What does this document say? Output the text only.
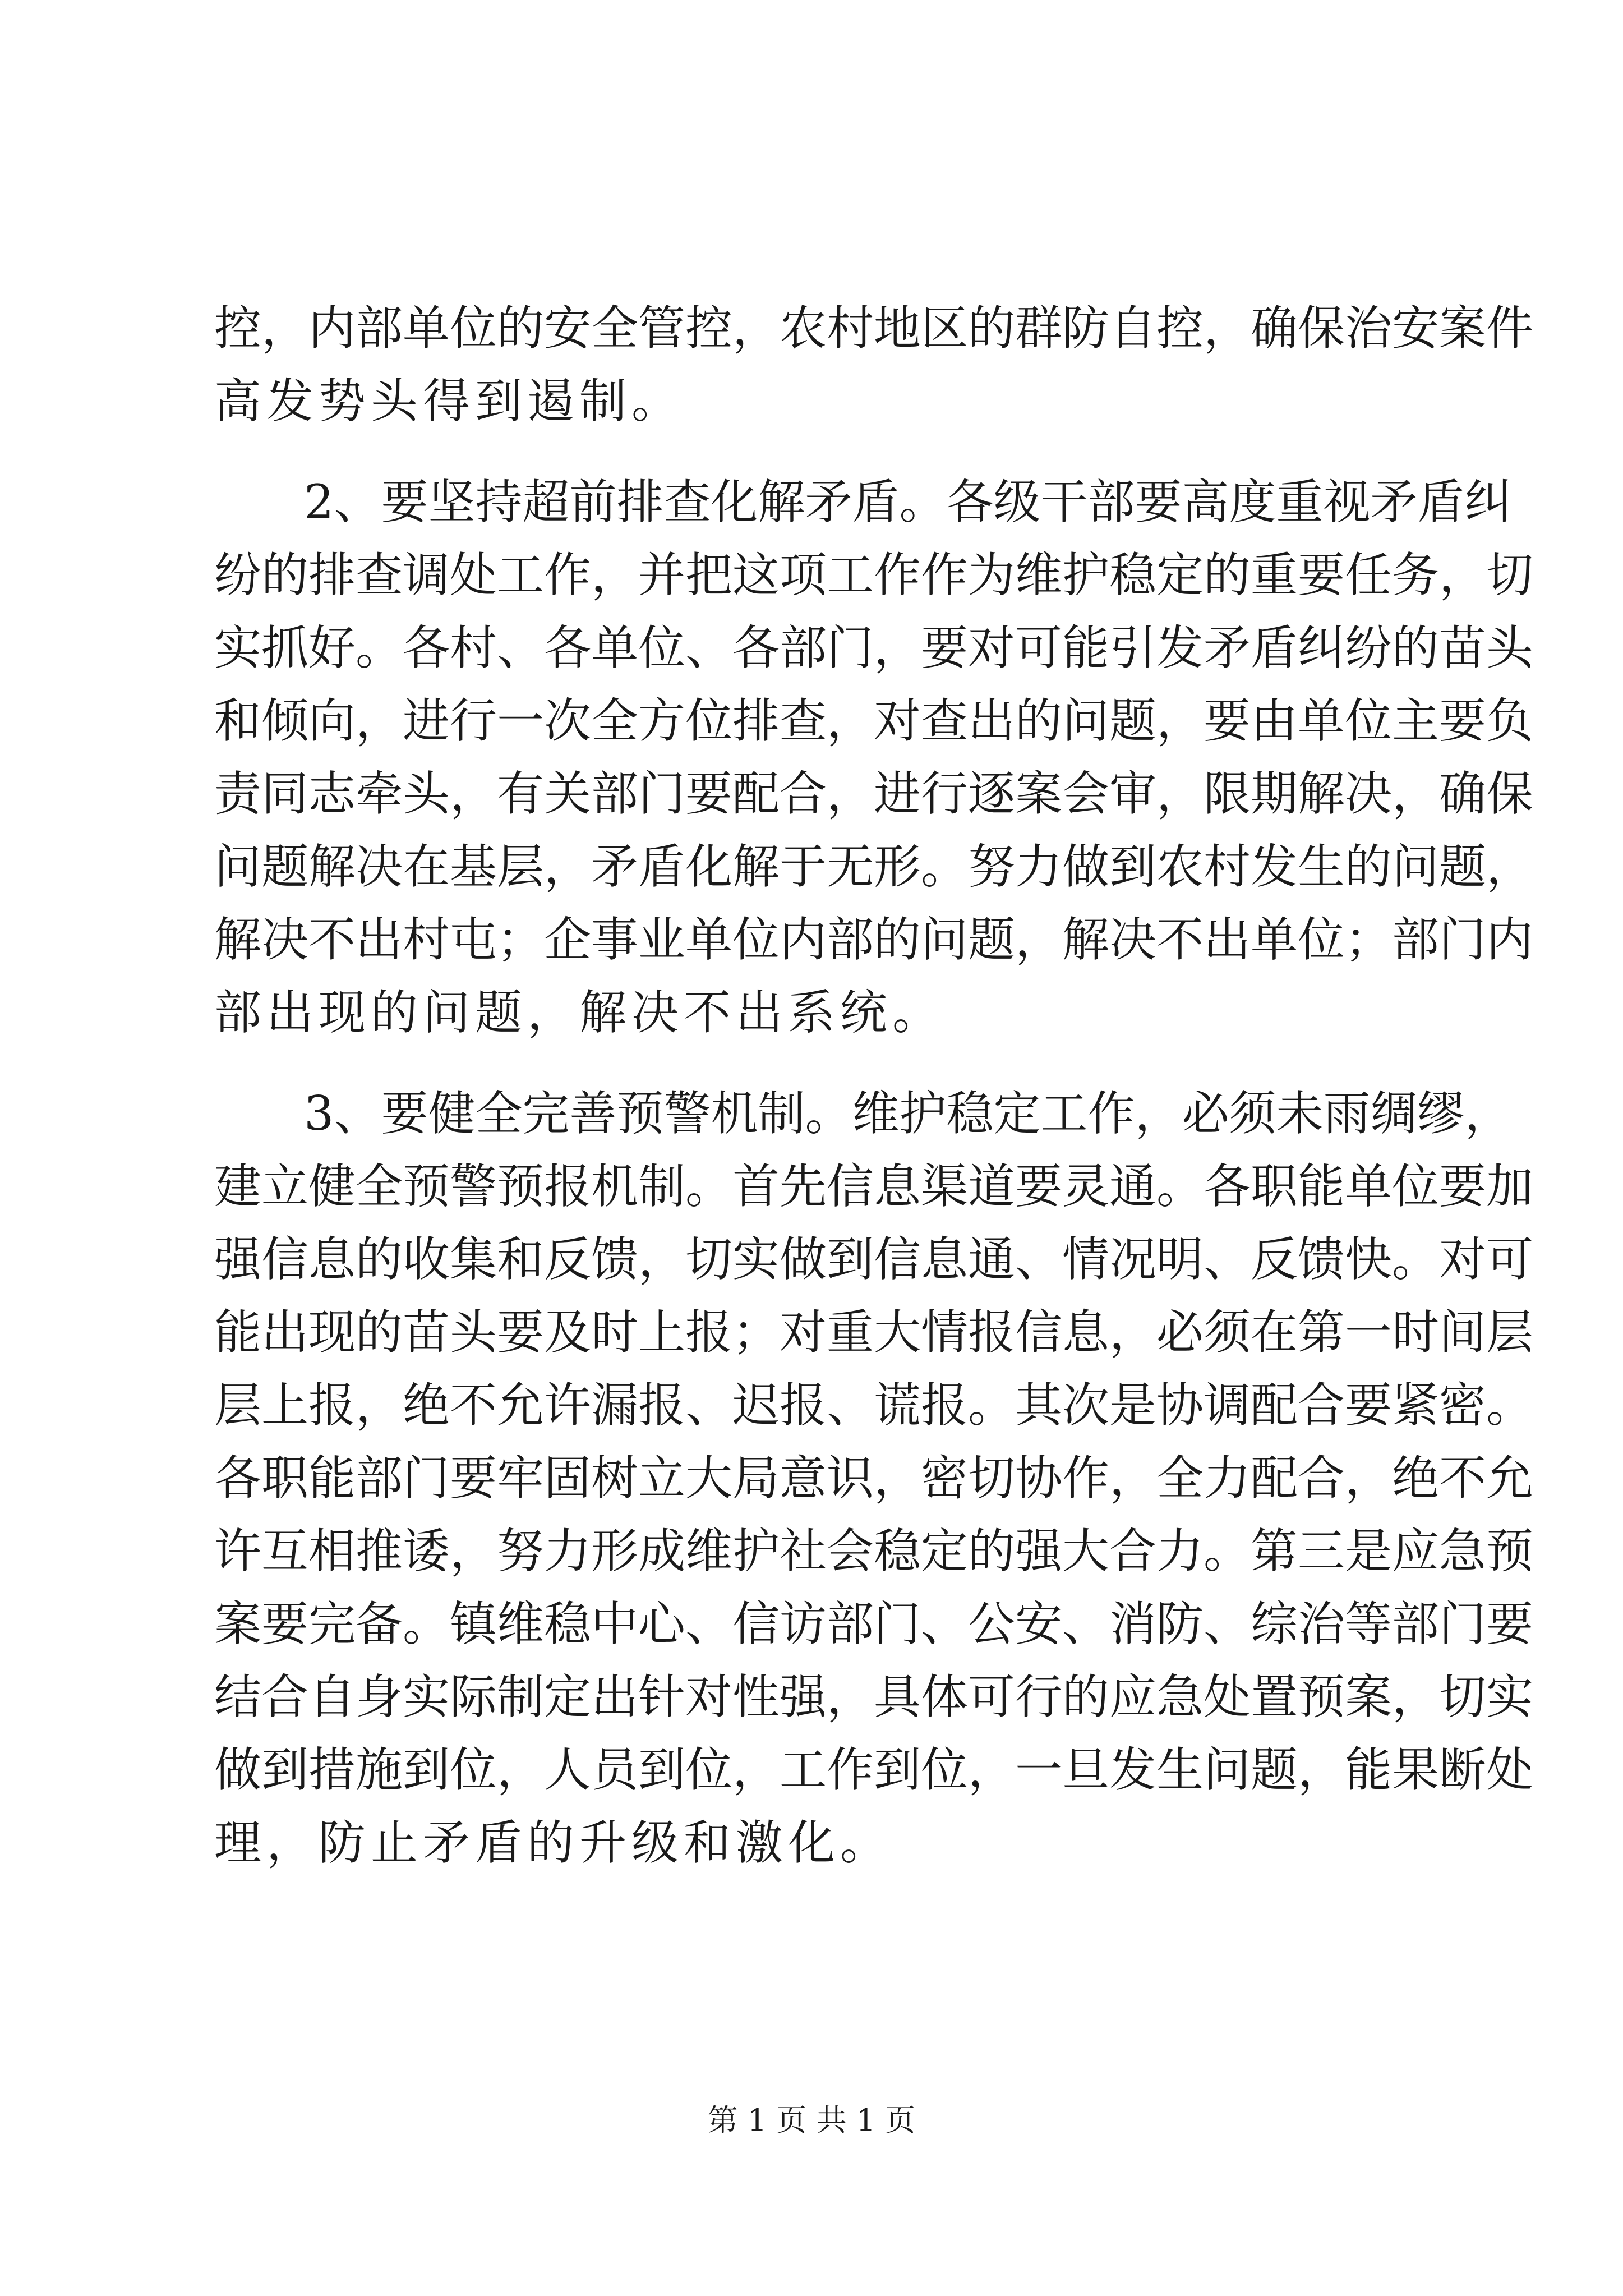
控，内部单位的安全管控，农村地区的群防自控，确保治安案件
高发势头得到遏制。
2、要坚持超前排查化解矛盾。各级干部要高度重视矛盾纠
纷的排查调处工作，并把这项工作作为维护稳定的重要任务，切
实抓好。各村、各单位、各部门，要对可能引发矛盾纠纷的苗头
和倾向，进行一次全方位排查，对查出的问题，要由单位主要负
责同志牵头，有关部门要配合，进行逐案会审，限期解决，确保
问题解决在基层，矛盾化解于无形。努力做到农村发生的问题，
解决不出村屯；企事业单位内部的问题，解决不出单位；部门内
部出现的问题，解决不出系统。
3、要健全完善预警机制。维护稳定工作，必须未雨绸缪，
建立健全预警预报机制。首先信息渠道要灵通。各职能单位要加
强信息的收集和反馈，切实做到信息通、情况明、反馈快。对可
能出现的苗头要及时上报；对重大情报信息，必须在第一时间层
层上报，绝不允许漏报、迟报、谎报。其次是协调配合要紧密。
各职能部门要牢固树立大局意识，密切协作，全力配合，绝不允
许互相推诿，努力形成维护社会稳定的强大合力。第三是应急预
案要完备。镇维稳中心、信访部门、公安、消防、综治等部门要
结合自身实际制定出针对性强，具体可行的应急处置预案，切实
做到措施到位，人员到位，工作到位，一旦发生问题，能果断处
理，防止矛盾的升级和激化。
第 1 页 共 1 页
